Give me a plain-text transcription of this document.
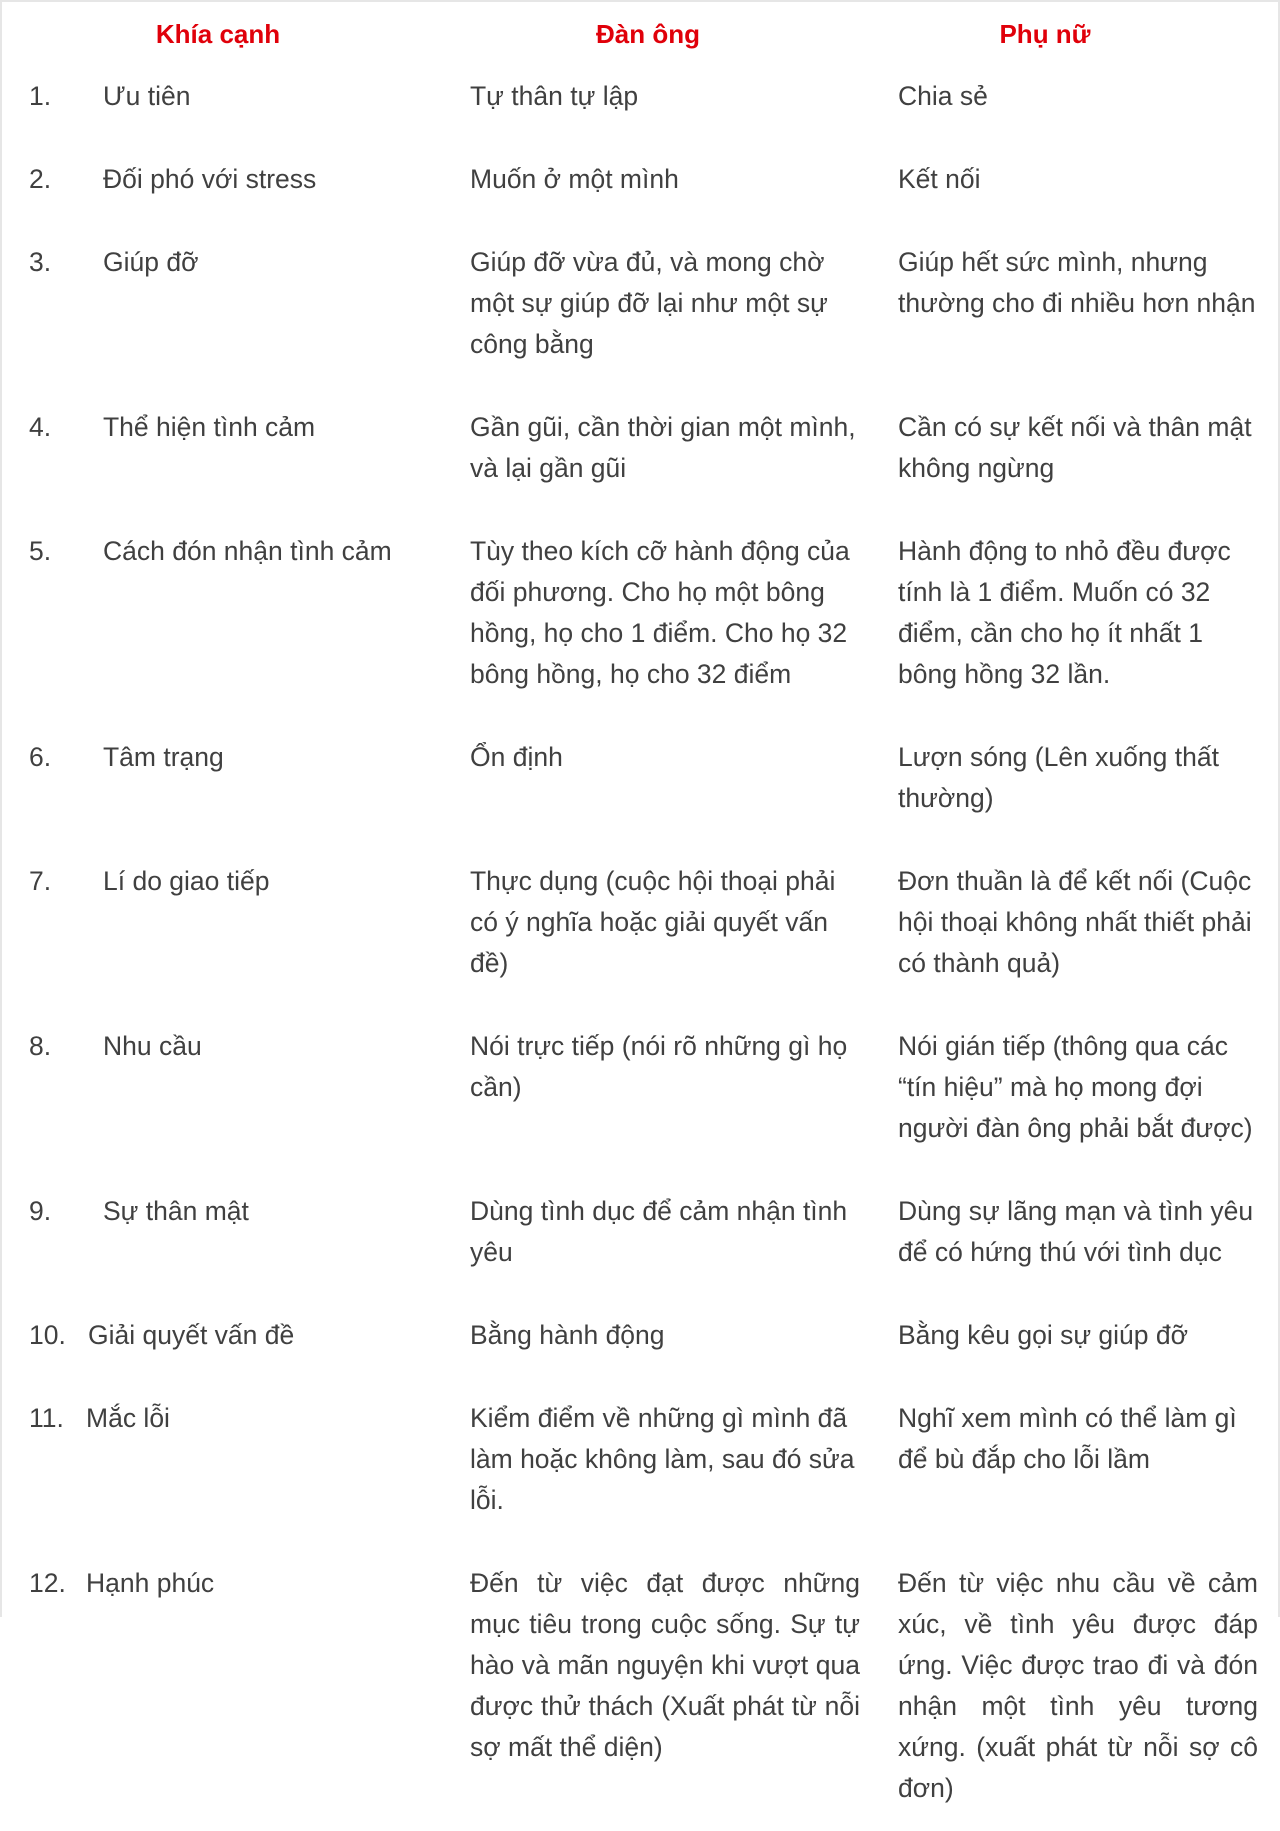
Khía cạnh	Đàn ông	Phụ nữ
1. Ưu tiên	Tự thân tự lập	Chia sẻ
2. Đối phó với stress	Muốn ở một mình	Kết nối
3. Giúp đỡ	Giúp đỡ vừa đủ, và mong chờ một sự giúp đỡ lại như một sự công bằng	Giúp hết sức mình, nhưng thường cho đi nhiều hơn nhận
4. Thể hiện tình cảm	Gần gũi, cần thời gian một mình, và lại gần gũi	Cần có sự kết nối và thân mật không ngừng
5. Cách đón nhận tình cảm	Tùy theo kích cỡ hành động của đối phương. Cho họ một bông hồng, họ cho 1 điểm. Cho họ 32 bông hồng, họ cho 32 điểm	Hành động to nhỏ đều được tính là 1 điểm. Muốn có 32 điểm, cần cho họ ít nhất 1 bông hồng 32 lần.
6. Tâm trạng	Ổn định	Lượn sóng (Lên xuống thất thường)
7. Lí do giao tiếp	Thực dụng (cuộc hội thoại phải có ý nghĩa hoặc giải quyết vấn đề)	Đơn thuần là để kết nối (Cuộc hội thoại không nhất thiết phải có thành quả)
8. Nhu cầu	Nói trực tiếp (nói rõ những gì họ cần)	Nói gián tiếp (thông qua các “tín hiệu” mà họ mong đợi người đàn ông phải bắt được)
9. Sự thân mật	Dùng tình dục để cảm nhận tình yêu	Dùng sự lãng mạn và tình yêu để có hứng thú với tình dục
10. Giải quyết vấn đề	Bằng hành động	Bằng kêu gọi sự giúp đỡ
11. Mắc lỗi	Kiểm điểm về những gì mình đã làm hoặc không làm, sau đó sửa lỗi.	Nghĩ xem mình có thể làm gì để bù đắp cho lỗi lầm
12. Hạnh phúc	Đến từ việc đạt được những mục tiêu trong cuộc sống. Sự tự hào và mãn nguyện khi vượt qua được thử thách (Xuất phát từ nỗi sợ mất thể diện)	Đến từ việc nhu cầu về cảm xúc, về tình yêu được đáp ứng. Việc được trao đi và đón nhận một tình yêu tương xứng. (xuất phát từ nỗi sợ cô đơn)
